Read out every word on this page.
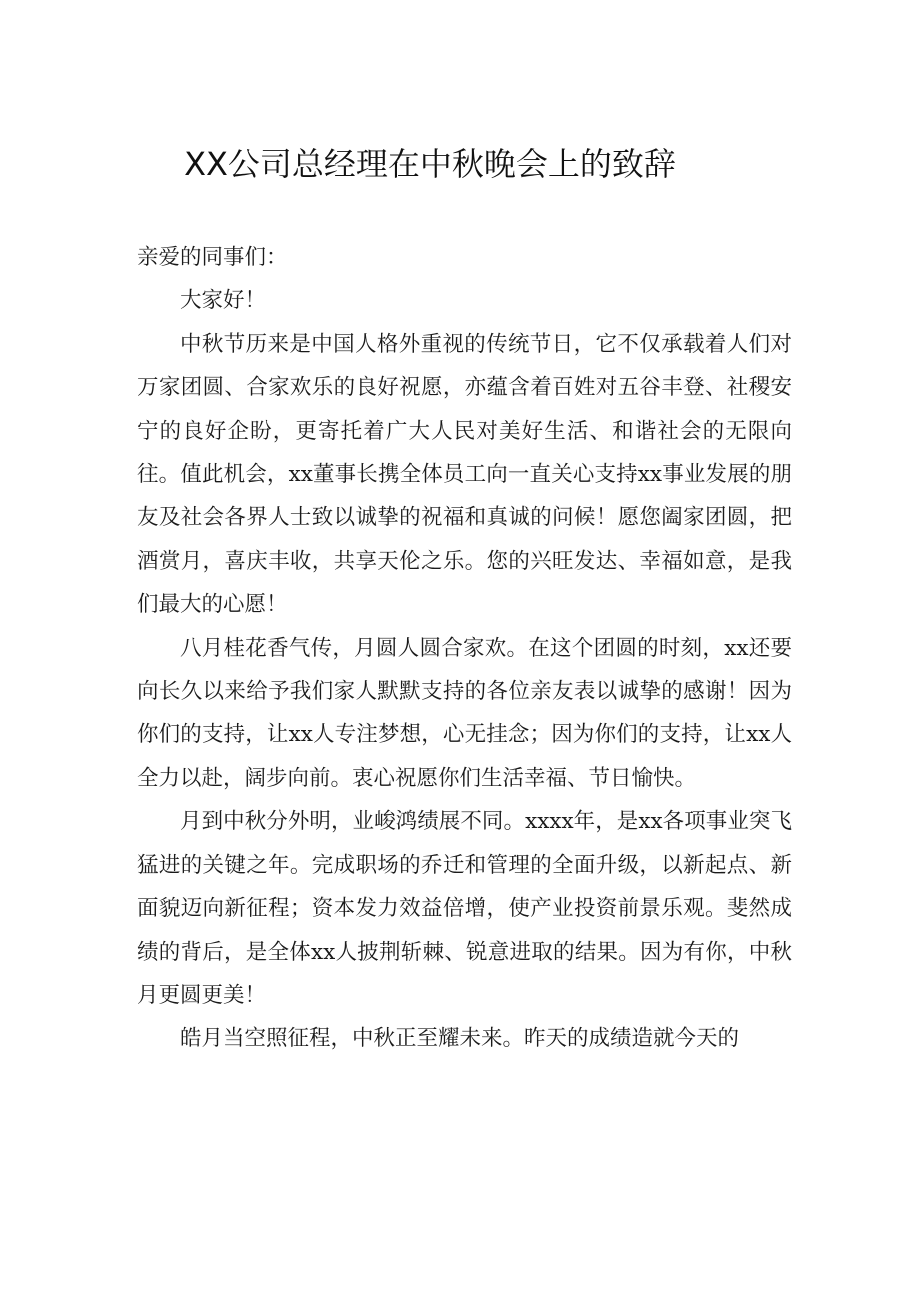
XX公司总经理在中秋晚会上的致辞

亲爱的同事们：

大家好！

中秋节历来是中国人格外重视的传统节日，它不仅承载着人们对万家团圆、合家欢乐的良好祝愿，亦蕴含着百姓对五谷丰登、社稷安宁的良好企盼，更寄托着广大人民对美好生活、和谐社会的无限向往。值此机会，xx董事长携全体员工向一直关心支持xx事业发展的朋友及社会各界人士致以诚挚的祝福和真诚的问候！愿您阖家团圆，把酒赏月，喜庆丰收，共享天伦之乐。您的兴旺发达、幸福如意，是我们最大的心愿！

八月桂花香气传，月圆人圆合家欢。在这个团圆的时刻，xx还要向长久以来给予我们家人默默支持的各位亲友表以诚挚的感谢！因为你们的支持，让xx人专注梦想，心无挂念；因为你们的支持，让xx人全力以赴，阔步向前。衷心祝愿你们生活幸福、节日愉快。

月到中秋分外明，业峻鸿绩展不同。xxxx年，是xx各项事业突飞猛进的关键之年。完成职场的乔迁和管理的全面升级，以新起点、新面貌迈向新征程；资本发力效益倍增，使产业投资前景乐观。斐然成绩的背后，是全体xx人披荆斩棘、锐意进取的结果。因为有你，中秋月更圆更美！

皓月当空照征程，中秋正至耀未来。昨天的成绩造就今天的
